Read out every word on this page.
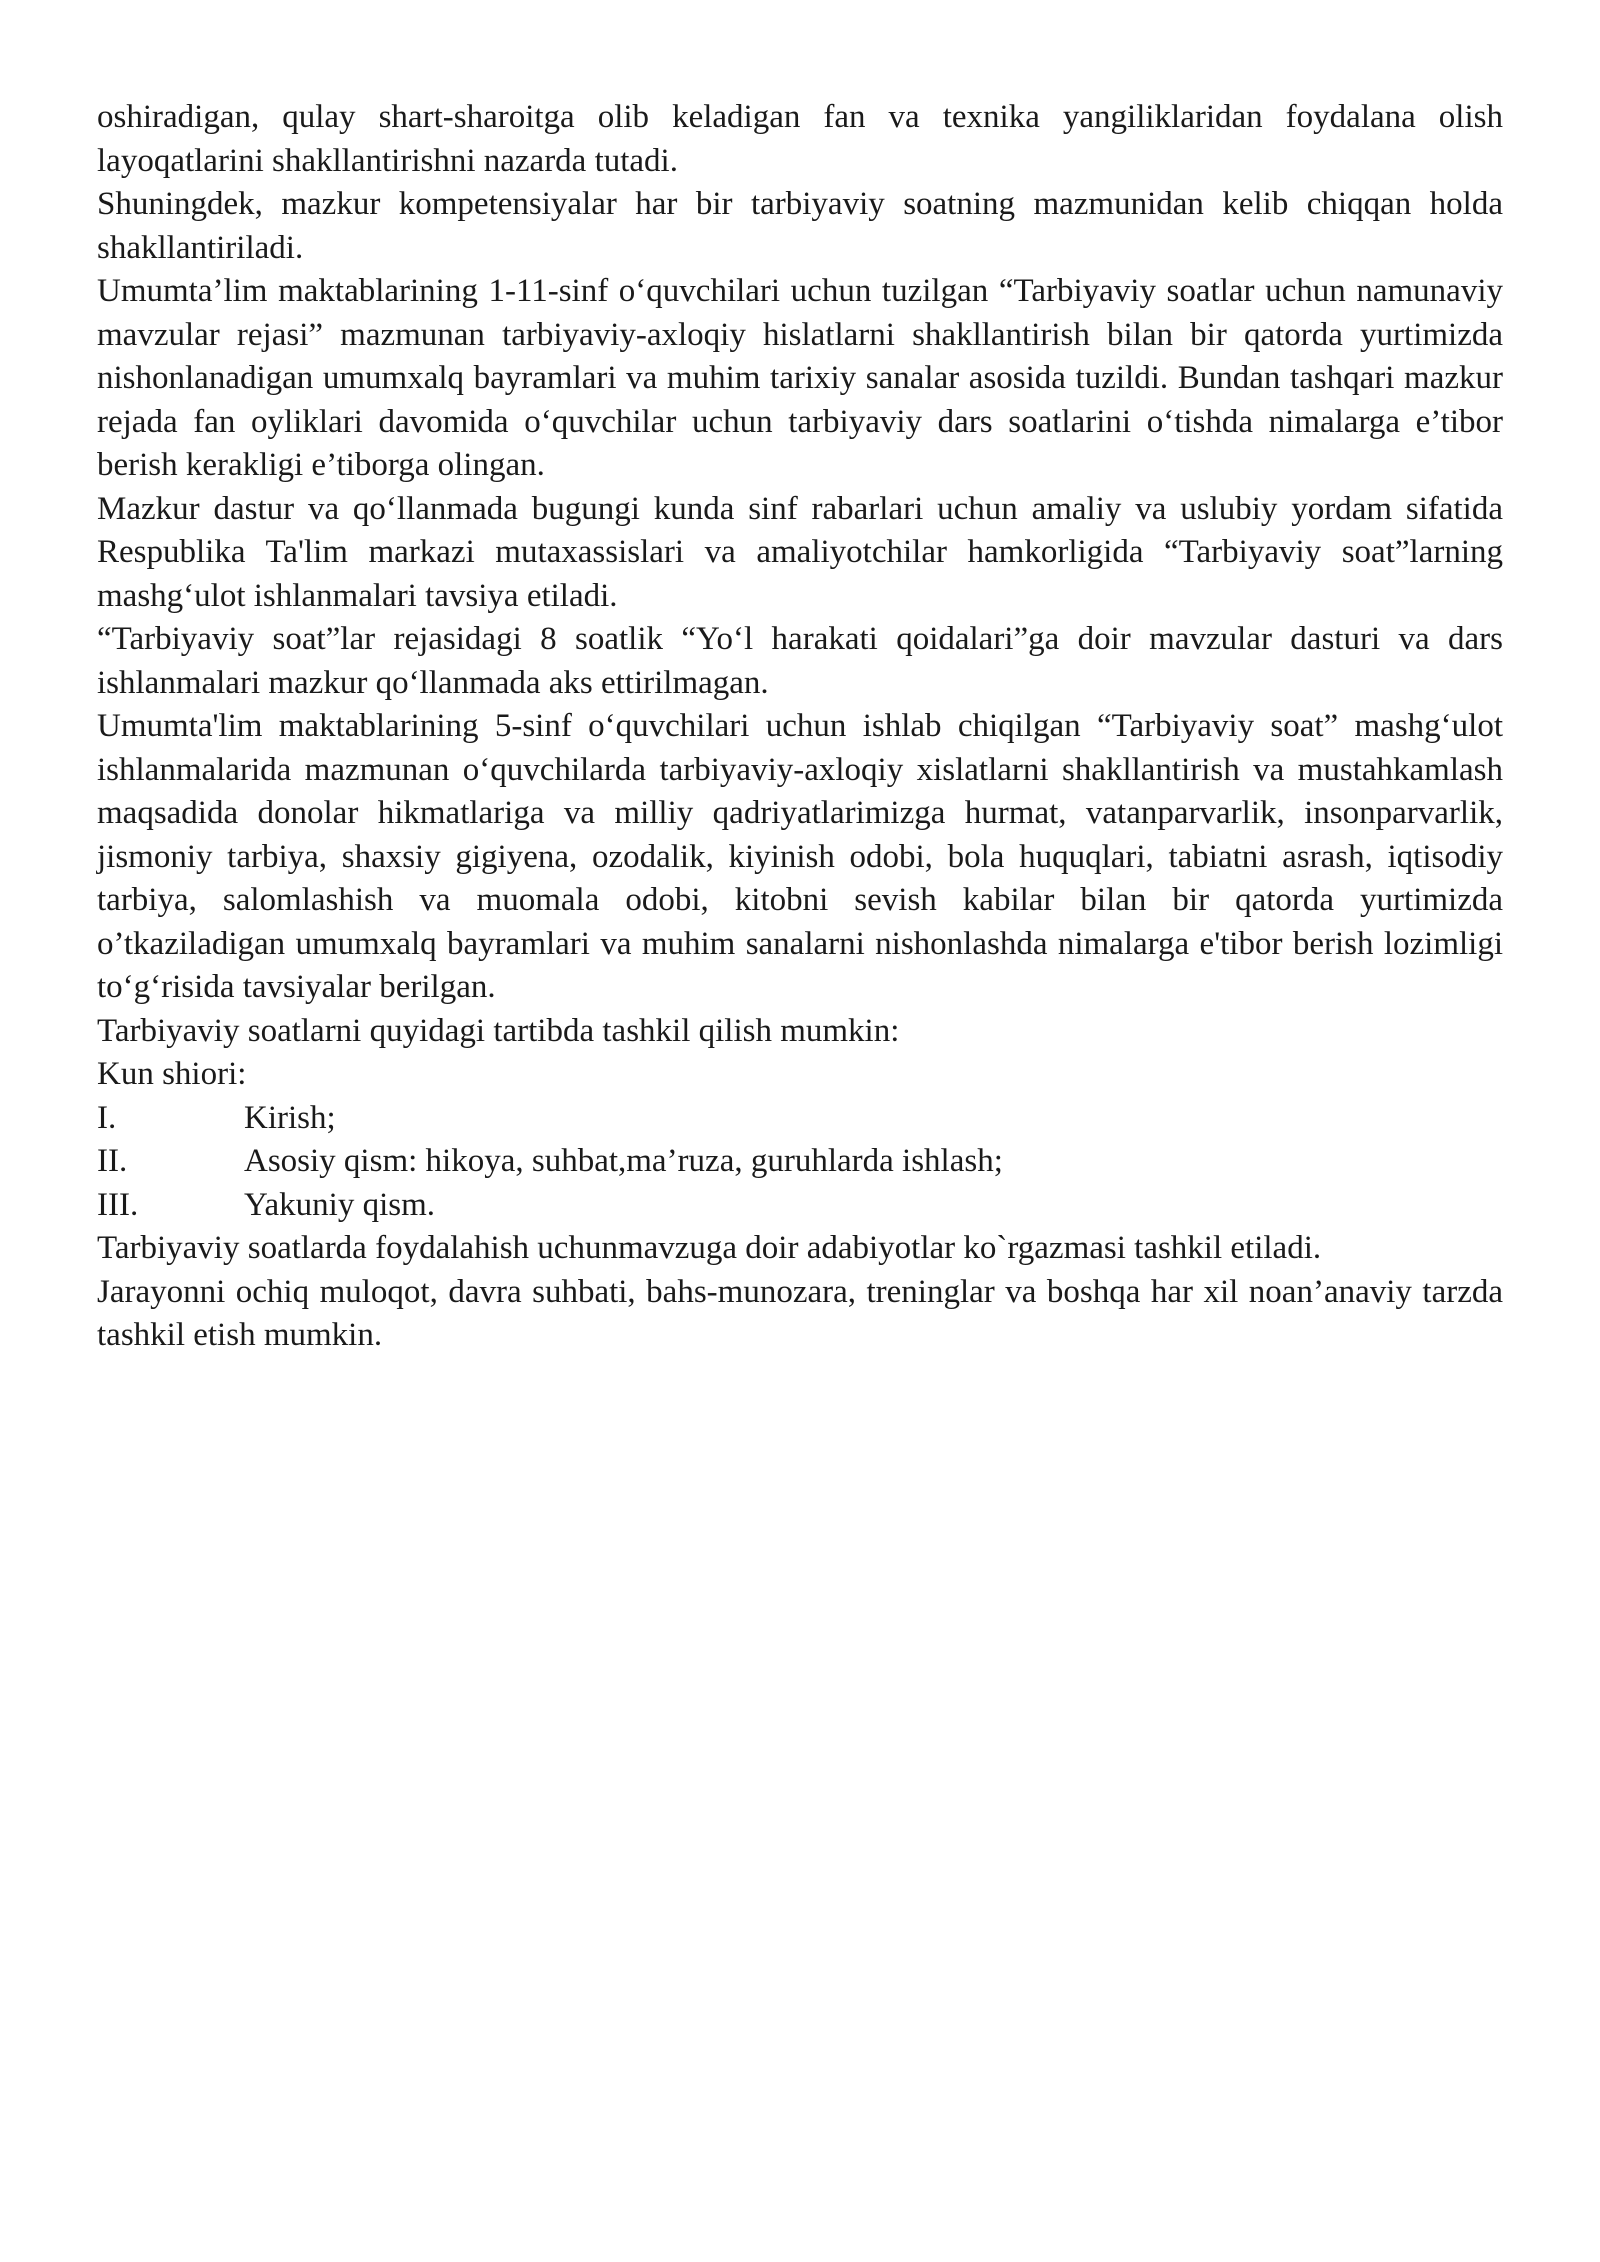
oshiradigan, qulay shart-sharoitga olib keladigan fan va texnika yangiliklaridan foydalana olish layoqatlarini shakllantirishni nazarda tutadi.

Shuningdek, mazkur kompetensiyalar har bir tarbiyaviy soatning mazmunidan kelib chiqqan holda shakllantiriladi.

Umumta’lim maktablarining 1-11-sinf o‘quvchilari uchun tuzilgan “Tarbiyaviy soatlar uchun namunaviy mavzular rejasi” mazmunan tarbiyaviy-axloqiy hislatlarni shakllantirish bilan bir qatorda yurtimizda nishonlanadigan umumxalq bayramlari va muhim tarixiy sanalar asosida tuzildi. Bundan tashqari mazkur rejada fan oyliklari davomida o‘quvchilar uchun tarbiyaviy dars soatlarini o‘tishda nimalarga e’tibor berish kerakligi e’tiborga olingan.

Mazkur dastur va qo‘llanmada bugungi kunda sinf rabarlari uchun amaliy va uslubiy yordam sifatida Respublika Ta'lim markazi mutaxassislari va amaliyotchilar hamkorligida “Tarbiyaviy soat”larning mashg‘ulot ishlanmalari tavsiya etiladi.

“Tarbiyaviy soat”lar rejasidagi 8 soatlik “Yo‘l harakati qoidalari”ga doir mavzular dasturi va dars ishlanmalari mazkur qo‘llanmada aks ettirilmagan.

Umumta'lim maktablarining 5-sinf o‘quvchilari uchun ishlab chiqilgan “Tarbiyaviy soat” mashg‘ulot ishlanmalarida mazmunan o‘quvchilarda tarbiyaviy-axloqiy xislatlarni shakllantirish va mustahkamlash maqsadida donolar hikmatlariga va milliy qadriyatlarimizga hurmat, vatanparvarlik, insonparvarlik, jismoniy tarbiya, shaxsiy gigiyena, ozodalik, kiyinish odobi, bola huquqlari, tabiatni asrash, iqtisodiy tarbiya, salomlashish va muomala odobi, kitobni sevish kabilar bilan bir qatorda yurtimizda o’tkaziladigan umumxalq bayramlari va muhim sanalarni nishonlashda nimalarga e'tibor berish lozimligi to‘g‘risida tavsiyalar berilgan.

Tarbiyaviy soatlarni quyidagi tartibda tashkil qilish mumkin:

Kun shiori:

I.	Kirish;
II.	Asosiy qism: hikoya, suhbat,ma’ruza, guruhlarda ishlash;
III.	Yakuniy qism.

Tarbiyaviy soatlarda foydalahish uchunmavzuga doir adabiyotlar ko`rgazmasi tashkil etiladi.

Jarayonni ochiq muloqot, davra suhbati, bahs-munozara, treninglar va boshqa har xil noan’anaviy tarzda tashkil etish mumkin.
